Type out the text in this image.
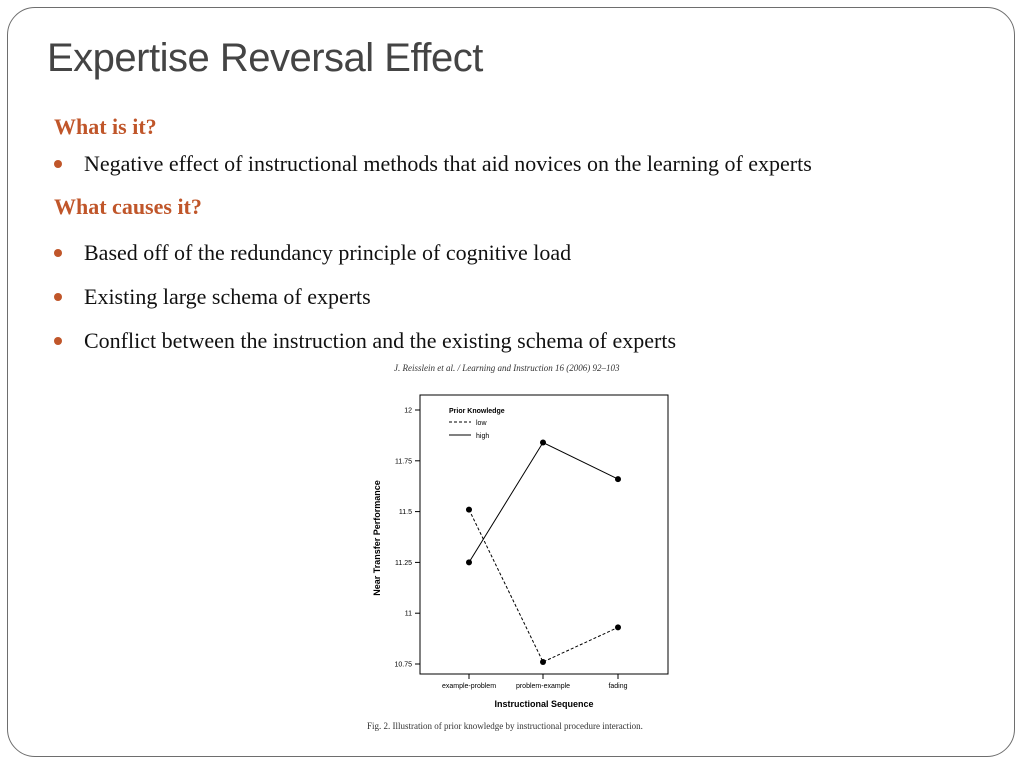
Expertise Reversal Effect
What is it?
Negative effect of instructional methods that aid novices on the learning of experts
What causes it?
Based off of the redundancy principle of cognitive load
Existing large schema of experts
Conflict between the instruction and the existing schema of experts
J. Reisslein et al. / Learning and Instruction 16 (2006) 92–103
10.75
11
11.25
11.5
11.75
12
example-problem	problem-example	fading
Near Transfer Performance
Instructional Sequence
Prior Knowledge
low
high
Fig. 2. Illustration of prior knowledge by instructional procedure interaction.
